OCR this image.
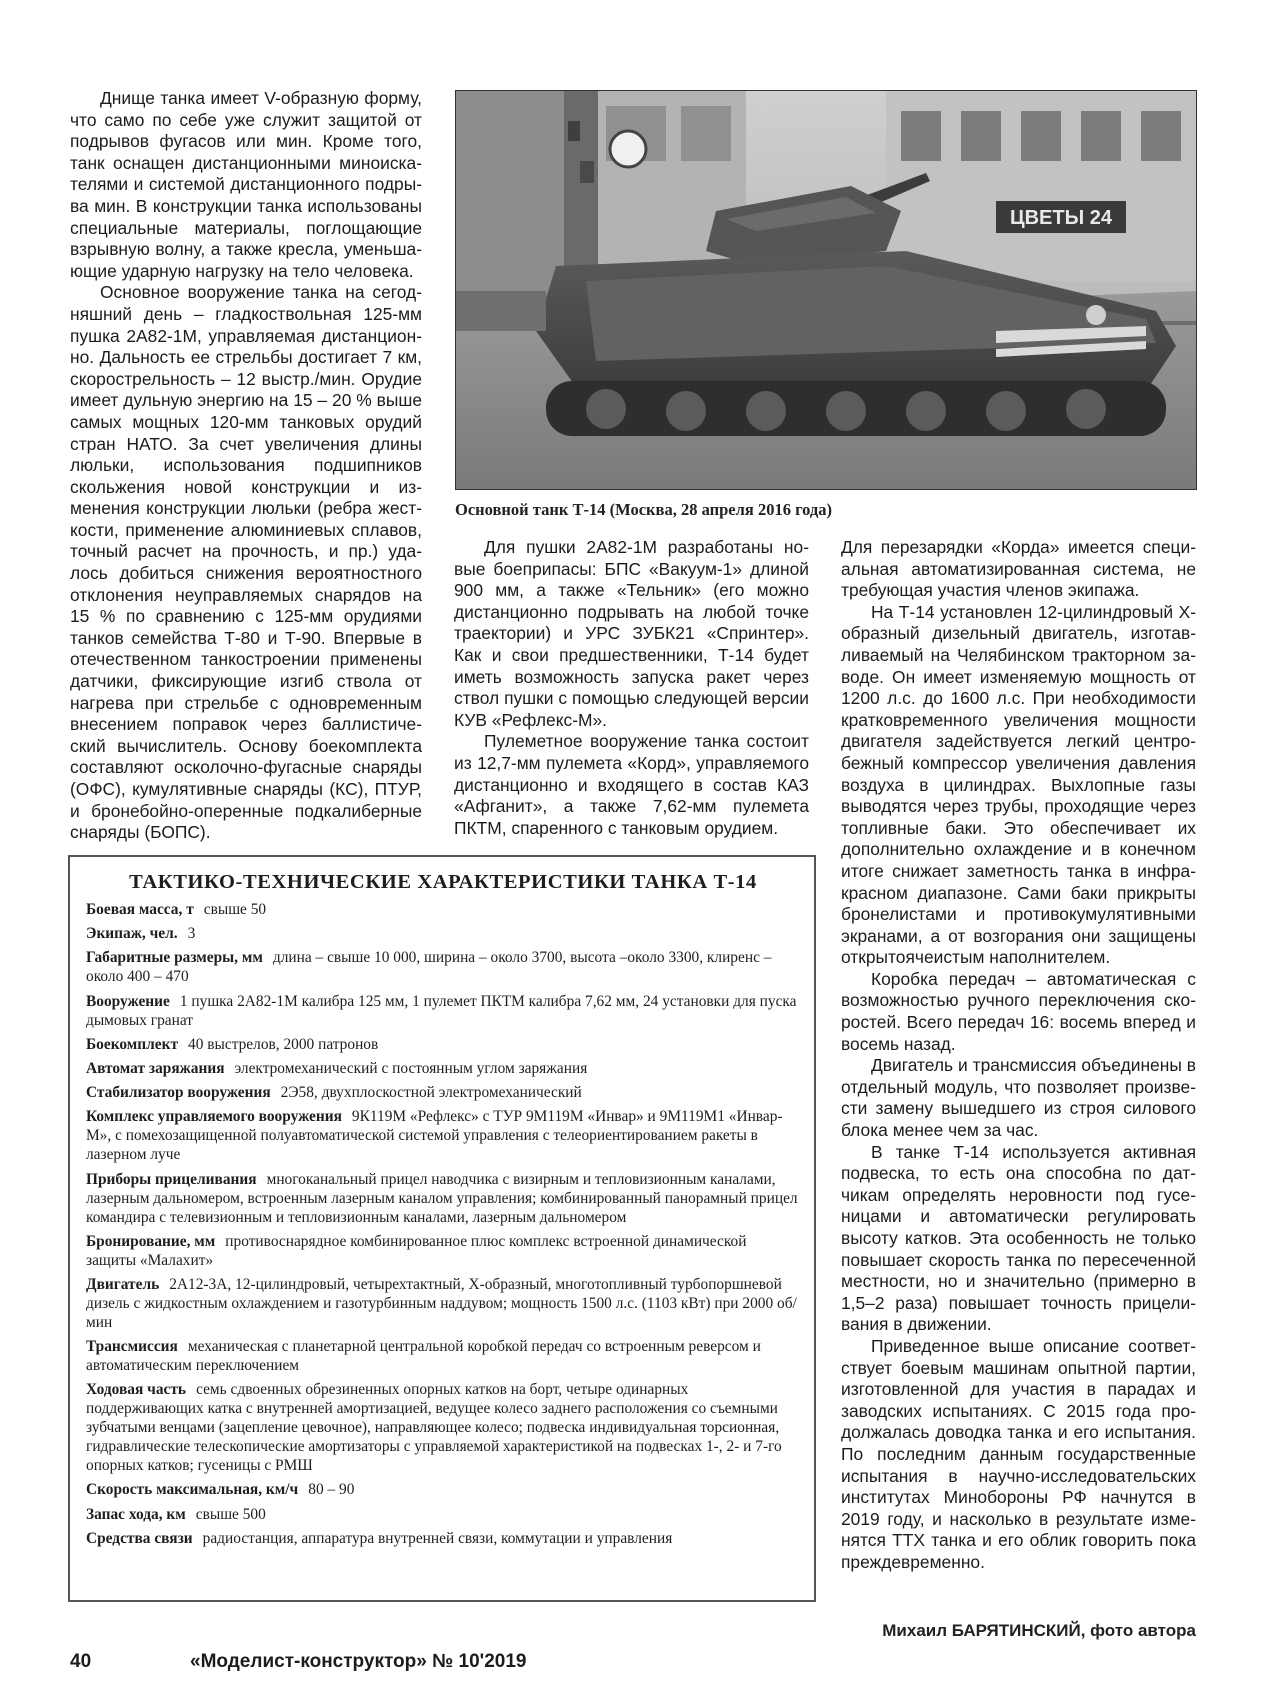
Днище танка имеет V-образную форму, что само по себе уже служит защитой от подрывов фугасов или мин. Кроме того, танк оснащен дистанционными миноискателями и системой дистанционного подрыва мин. В конструкции танка использованы специальные материалы, поглощающие взрывную волну, а также кресла, уменьшающие ударную нагрузку на тело человека.

Основное вооружение танка на сегодняшний день – гладкоствольная 125-мм пушка 2А82-1М, управляемая дистанционно. Дальность ее стрельбы достигает 7 км, скорострельность – 12 выстр./мин. Орудие имеет дульную энергию на 15 – 20 % выше самых мощных 120-мм танковых орудий стран НАТО. За счет увеличения длины люльки, использования подшипников скольжения новой конструкции и изменения конструкции люльки (ребра жесткости, применение алюминиевых сплавов, точный расчет на прочность, и пр.) удалось добиться снижения вероятностного отклонения неуправляемых снарядов на 15 % по сравнению с 125-мм орудиями танков семейства Т-80 и Т-90. Впервые в отечественном танкостроении применены датчики, фиксирующие изгиб ствола от нагрева при стрельбе с одновременным внесением поправок через баллистический вычислитель. Основу боекомплекта составляют осколочно-фугасные снаряды (ОФС), кумулятивные снаряды (КС), ПТУР, и бронебойно-оперенные подкалиберные снаряды (БОПС).

ЦВЕТЫ 24
Основной танк Т-14 (Москва, 28 апреля 2016 года)

Для пушки 2А82-1М разработаны новые боеприпасы: БПС «Вакуум-1» длиной 900 мм, а также «Тельник» (его можно дистанционно подрывать на любой точке траектории) и УРС ЗУБК21 «Спринтер». Как и свои предшественники, Т-14 будет иметь возможность запуска ракет через ствол пушки с помощью следующей версии КУВ «Рефлекс-М».

Пулеметное вооружение танка состоит из 12,7-мм пулемета «Корд», управляемого дистанционно и входящего в состав КАЗ «Афганит», а также 7,62-мм пулемета ПКТМ, спаренного с танковым орудием.

Для перезарядки «Корда» имеется специальная автоматизированная система, не требующая участия членов экипажа.

На Т-14 установлен 12-цилиндровый Х-образный дизельный двигатель, изготавливаемый на Челябинском тракторном заводе. Он имеет изменяемую мощность от 1200 л.с. до 1600 л.с. При необходимости кратковременного увеличения мощности двигателя задействуется легкий центробежный компрессор увеличения давления воздуха в цилиндрах. Выхлопные газы выводятся через трубы, проходящие через топливные баки. Это обеспечивает их дополнительно охлаждение и в конечном итоге снижает заметность танка в инфракрасном диапазоне. Сами баки прикрыты бронелистами и противокумулятивными экранами, а от возгорания они защищены открытоячеистым наполнителем.

Коробка передач – автоматическая с возможностью ручного переключения скоростей. Всего передач 16: восемь вперед и восемь назад.

Двигатель и трансмиссия объединены в отдельный модуль, что позволяет произвести замену вышедшего из строя силового блока менее чем за час.

В танке Т-14 используется активная подвеска, то есть она способна по датчикам определять неровности под гусеницами и автоматически регулировать высоту катков. Эта особенность не только повышает скорость танка по пересеченной местности, но и значительно (примерно в 1,5–2 раза) повышает точность прицеливания в движении.

Приведенное выше описание соответствует боевым машинам опытной партии, изготовленной для участия в парадах и заводских испытаниях. С 2015 года продолжалась доводка танка и его испытания. По последним данным государственные испытания в научно-исследовательских институтах Минобороны РФ начнутся в 2019 году, и насколько в результате изменятся ТТХ танка и его облик говорить пока преждевременно.

ТАКТИКО-ТЕХНИЧЕСКИЕ ХАРАКТЕРИСТИКИ ТАНКА Т-14
Боевая масса, т свыше 50
Экипаж, чел. 3
Габаритные размеры, мм длина – свыше 10 000, ширина – около 3700, высота –около 3300, клиренс – около 400 – 470
Вооружение 1 пушка 2А82-1М калибра 125 мм, 1 пулемет ПКТМ калибра 7,62 мм, 24 установки для пуска дымовых гранат
Боекомплект 40 выстрелов, 2000 патронов
Автомат заряжания электромеханический с постоянным углом заряжания
Стабилизатор вооружения 2Э58, двухплоскостной электромеханический
Комплекс управляемого вооружения 9К119М «Рефлекс» с ТУР 9М119М «Инвар» и 9М119М1 «Инвар-М», с помехозащищенной полуавтоматической системой управления с телеориентированием ракеты в лазерном луче
Приборы прицеливания многоканальный прицел наводчика с визирным и тепловизионным каналами, лазерным дальномером, встроенным лазерным каналом управления; комбинированный панорамный прицел командира с телевизионным и тепловизионным каналами, лазерным дальномером
Бронирование, мм противоснарядное комбинированное плюс комплекс встроенной динамической защиты «Малахит»
Двигатель 2А12-3А, 12-цилиндровый, четырехтактный, Х-образный, многотопливный турбопоршневой дизель с жидкостным охлаждением и газотурбинным наддувом; мощность 1500 л.с. (1103 кВт) при 2000 об/мин
Трансмиссия механическая с планетарной центральной коробкой передач со встроенным реверсом и автоматическим переключением
Ходовая часть семь сдвоенных обрезиненных опорных катков на борт, четыре одинарных поддерживающих катка с внутренней амортизацией, ведущее колесо заднего расположения со съемными зубчатыми венцами (зацепление цевочное), направляющее колесо; подвеска индивидуальная торсионная, гидравлические телескопические амортизаторы с управляемой характеристикой на подвесках 1-, 2- и 7-го опорных катков; гусеницы с РМШ
Скорость максимальная, км/ч 80 – 90
Запас хода, км свыше 500
Средства связи радиостанция, аппаратура внутренней связи, коммутации и управления
Михаил БАРЯТИНСКИЙ, фото автора
40	«Моделист-конструктор» № 10'2019
